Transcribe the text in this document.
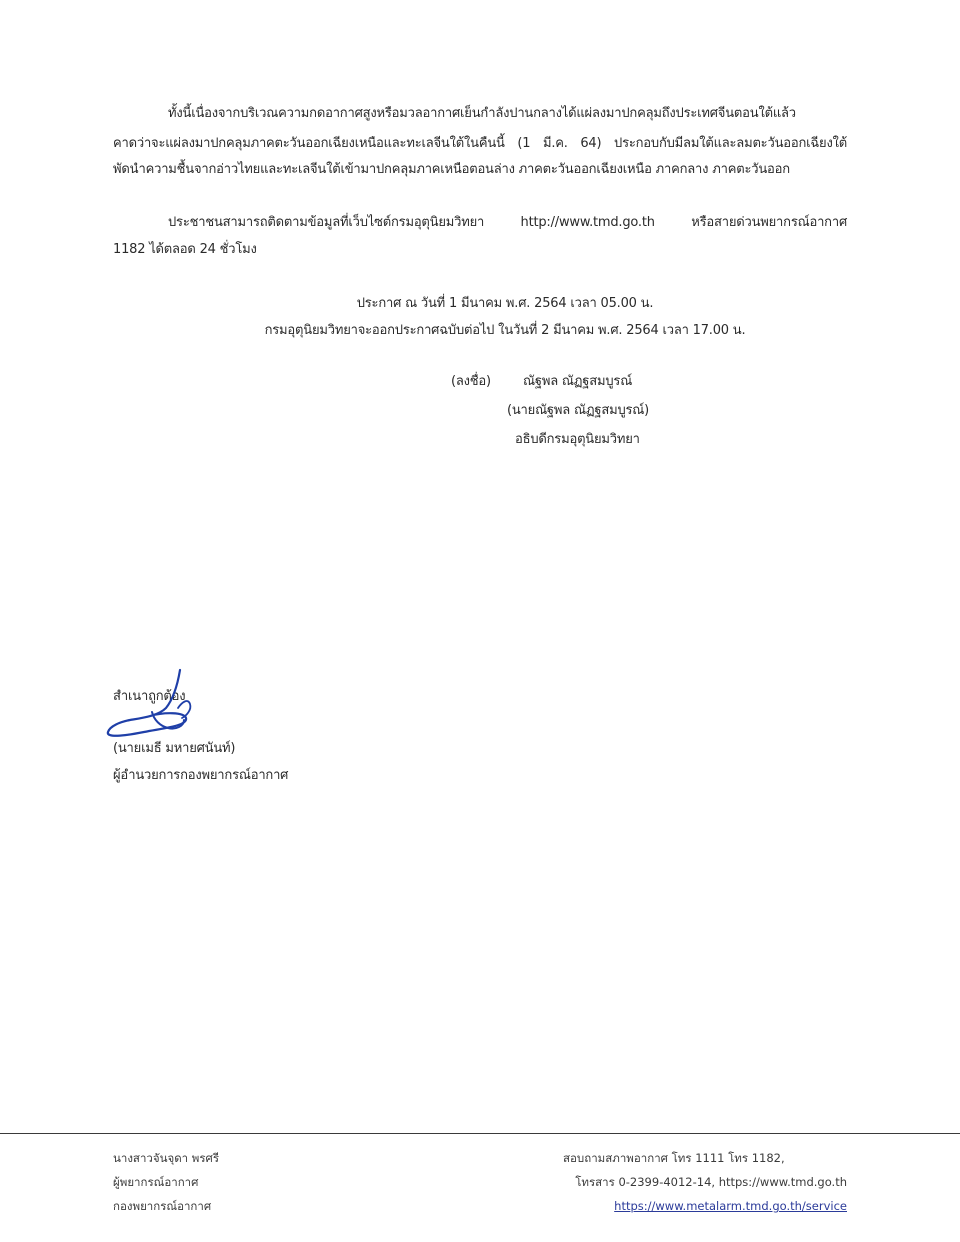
ทั้งนี้เนื่องจากบริเวณความกดอากาศสูงหรือมวลอากาศเย็นกำลังปานกลางได้แผ่ลงมาปกคลุมถึงประเทศจีนตอนใต้แล้ว
คาดว่าจะแผ่ลงมาปกคลุมภาคตะวันออกเฉียงเหนือและทะเลจีนใต้ในคืนนี้ (1 มี.ค. 64) ประกอบกับมีลมใต้และลมตะวันออกเฉียงใต้
พัดนำความชื้นจากอ่าวไทยและทะเลจีนใต้เข้ามาปกคลุมภาคเหนือตอนล่าง ภาคตะวันออกเฉียงเหนือ ภาคกลาง ภาคตะวันออก
ประชาชนสามารถติดตามข้อมูลที่เว็บไซต์กรมอุตุนิยมวิทยา http://www.tmd.go.th หรือสายด่วนพยากรณ์อากาศ
1182 ได้ตลอด 24 ชั่วโมง
ประกาศ ณ วันที่ 1 มีนาคม พ.ศ. 2564 เวลา 05.00 น.
กรมอุตุนิยมวิทยาจะออกประกาศฉบับต่อไป ในวันที่ 2 มีนาคม พ.ศ. 2564 เวลา 17.00 น.
(ลงชื่อ) ณัฐพล ณัฏฐสมบูรณ์
(นายณัฐพล ณัฏฐสมบูรณ์)
อธิบดีกรมอุตุนิยมวิทยา
สำเนาถูกต้อง
(นายเมธี มหายศนันท์)
ผู้อำนวยการกองพยากรณ์อากาศ
นางสาวจันจุดา พรศรี
ผู้พยากรณ์อากาศ
กองพยากรณ์อากาศ
สอบถามสภาพอากาศ โทร 1111 โทร 1182,
โทรสาร 0-2399-4012-14, https://www.tmd.go.th
https://www.metalarm.tmd.go.th/service
